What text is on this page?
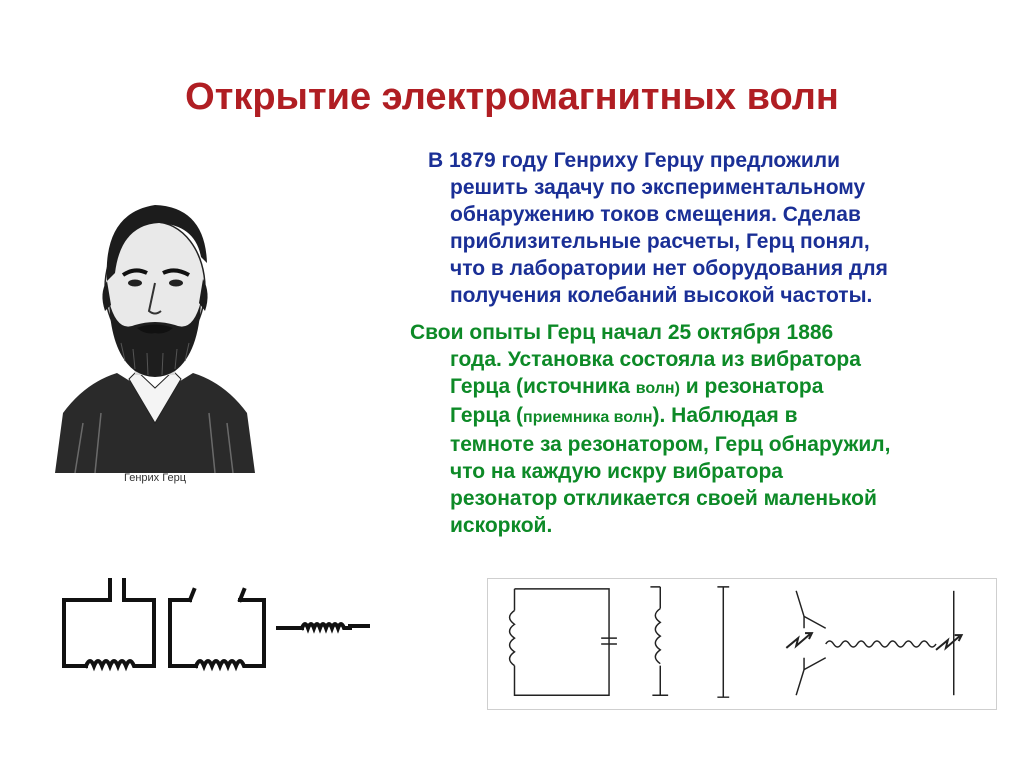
Открытие электромагнитных волн
Генрих Герц
В 1879 году Генриху Герцу предложили
решить задачу по экспериментальному
обнаружению токов смещения. Сделав
приблизительные расчеты, Герц понял,
что в лаборатории нет оборудования для
получения колебаний высокой частоты.
Свои опыты Герц начал 25 октября 1886
года. Установка состояла из вибратора
Герца (источника волн) и резонатора
Герца (приемника волн). Наблюдая в
темноте за резонатором, Герц обнаружил,
что на каждую искру вибратора
резонатор откликается своей маленькой
искоркой.
